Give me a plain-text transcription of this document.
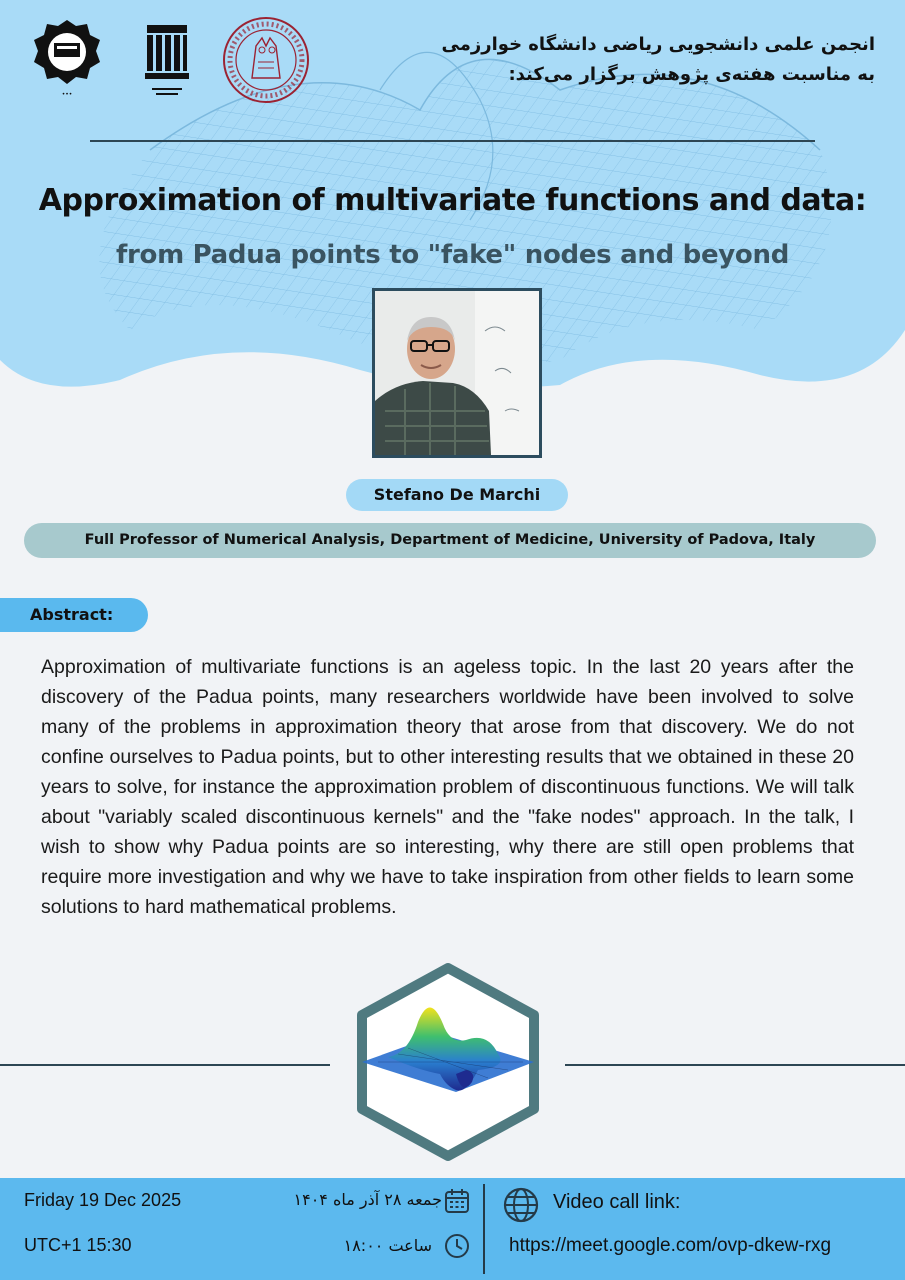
•••
انجمن علمی دانشجویی ریاضی دانشگاه خوارزمی
به مناسبت هفته‌ی پژوهش برگزار می‌کند:
Approximation of multivariate functions and data:
from Padua points to "fake" nodes and beyond
Stefano De Marchi
Full Professor of Numerical Analysis, Department of Medicine, University of Padova, Italy
Abstract:
Approximation of multivariate functions is an ageless topic. In the last 20 years after the discovery of the Padua points, many researchers worldwide have been involved to solve many of the problems in approximation theory that arose from that discovery. We do not confine ourselves to Padua points, but to other interesting results that we obtained in these 20 years to solve, for instance the approximation problem of discontinuous functions. We will talk about "variably scaled discontinuous kernels" and the "fake nodes" approach. In the talk, I wish to show why Padua points are so interesting, why there are still open problems that require more investigation and why we have to take inspiration from other fields to learn some solutions to hard mathematical problems.
Friday 19 Dec 2025
UTC+1 15:30
جمعه ۲۸ آذر ماه ۱۴۰۴
ساعت ۱۸:۰۰
Video call link:
https://meet.google.com/ovp-dkew-rxg
